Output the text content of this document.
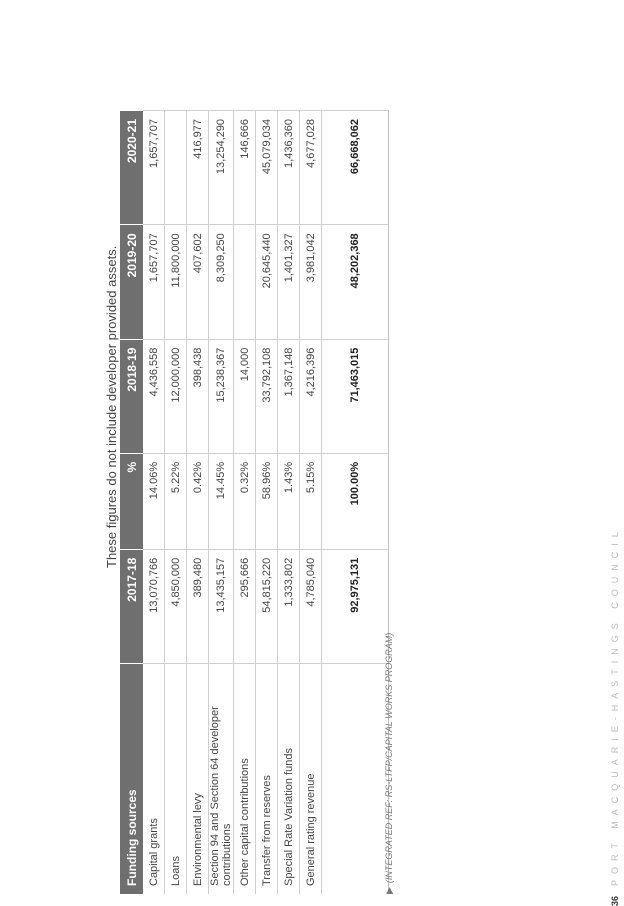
These figures do not include developer provided assets.
Funding sources	2017-18	%	2018-19	2019-20	2020-21
Capital grants	13,070,766	14.06%	4,436,558	1,657,707	1,657,707
Loans	4,850,000	5.22%	12,000,000	11,800,000	
Environmental levy	389,480	0.42%	398,438	407,602	416,977
Section 94 and Section 64 developer contributions	13,435,157	14.45%	15,238,367	8,309,250	13,254,290
Other capital contributions	295,666	0.32%	14,000		146,666
Transfer from reserves	54,815,220	58.96%	33,792,108	20,645,440	45,079,034
Special Rate Variation funds	1,333,802	1.43%	1,367,148	1,401,327	1,436,360
General rating revenue	4,785,040	5.15%	4,216,396	3,981,042	4,677,028
	92,975,131	100.00%	71,463,015	48,202,368	66,668,062
▶(INTEGRATED REF: RS-LTFP/CAPITAL WORKS PROGRAM)
36PORT MACQUARIE-HASTINGS COUNCIL
